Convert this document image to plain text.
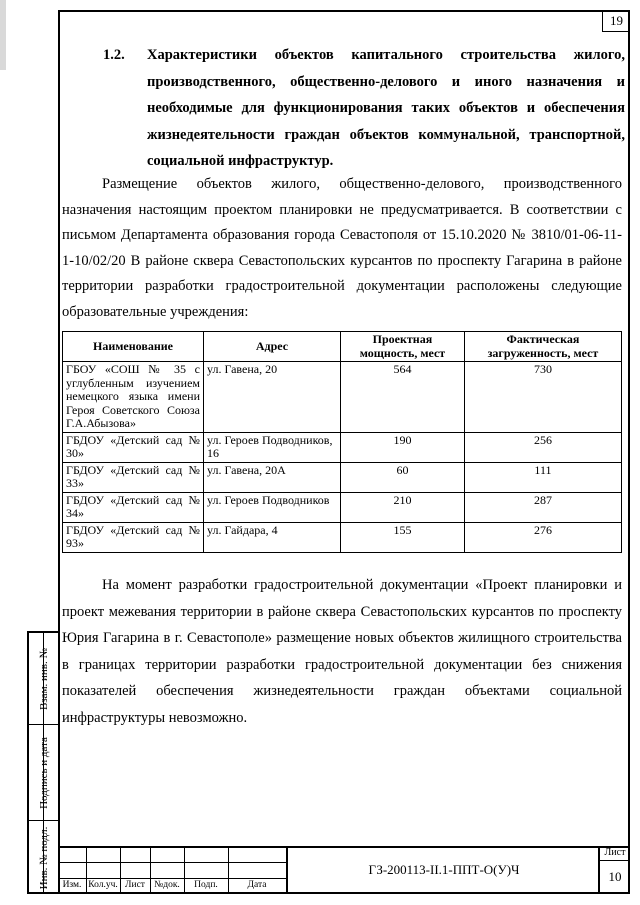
19
1.2. Характеристики объектов капитального строительства жилого, производственного, общественно-делового и иного назначения и необходимые для функционирования таких объектов и обеспечения жизнедеятельности граждан объектов коммунальной, транспортной, социальной инфраструктур.
Размещение объектов жилого, общественно-делового, производственного назначения настоящим проектом планировки не предусматривается. В соответствии с письмом Департамента образования города Севастополя от 15.10.2020 № 3810/01-06-11-1-10/02/20 В районе сквера Севастопольских курсантов по проспекту Гагарина в районе территории разработки градостроительной документации расположены следующие образовательные учреждения:
Наименование	Адрес	Проектная мощность, мест	Фактическая загруженность, мест
ГБОУ «СОШ № 35 с углубленным изучением немецкого языка имени Героя Советского Союза Г.А.Абызова»	ул. Гавена, 20	564	730
ГБДОУ «Детский сад № 30»	ул. Героев Подводников, 16	190	256
ГБДОУ «Детский сад № 33»	ул. Гавена, 20А	60	111
ГБДОУ «Детский сад № 34»	ул. Героев Подводников	210	287
ГБДОУ «Детский сад № 93»	ул. Гайдара, 4	155	276
На момент разработки градостроительной документации «Проект планировки и проект межевания территории в районе сквера Севастопольских курсантов по проспекту Юрия Гагарина в г. Севастополе» размещение новых объектов жилищного строительства в границах территории разработки градостроительной документации без снижения показателей обеспечения жизнедеятельности граждан объектами социальной инфраструктуры невозможно.
Взам. инв. №
Подпись и дата
Инв. № подл.	Изм. Кол.уч. Лист №док.	Подп.	Дата
ГЗ-200113-II.1-ППТ-О(У)Ч
Лист
10
